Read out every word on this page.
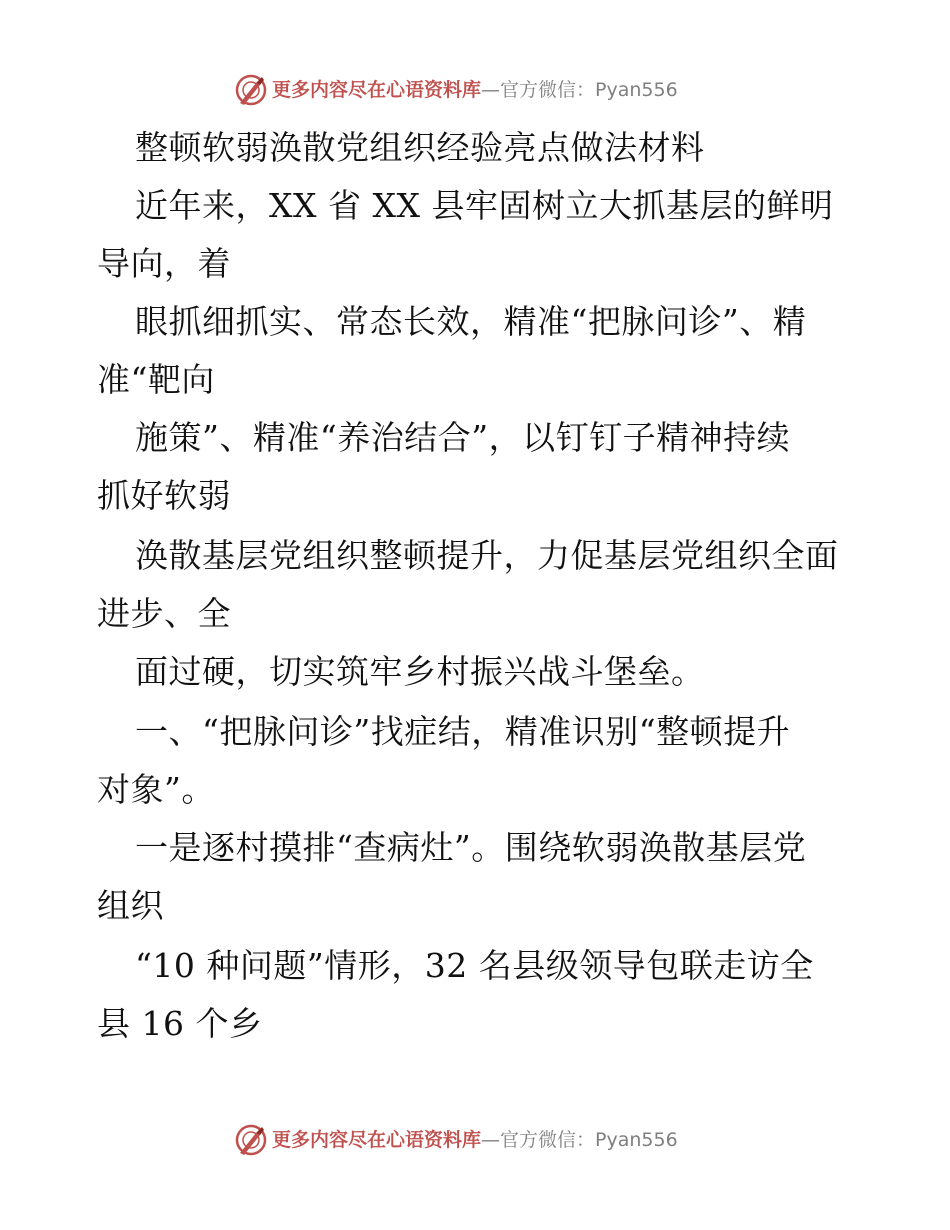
更多内容尽在心语资料库—官方微信：Pyan556
整顿软弱涣散党组织经验亮点做法材料
近年来，XX 省 XX 县牢固树立大抓基层的鲜明
导向，着
眼抓细抓实、常态长效，精准“把脉问诊”、精
准“靶向
施策”、精准“养治结合”，以钉钉子精神持续
抓好软弱
涣散基层党组织整顿提升，力促基层党组织全面
进步、全
面过硬，切实筑牢乡村振兴战斗堡垒。
一、“把脉问诊”找症结，精准识别“整顿提升
对象”。
一是逐村摸排“查病灶”。围绕软弱涣散基层党
组织
“10 种问题”情形，32 名县级领导包联走访全
县 16 个乡
更多内容尽在心语资料库—官方微信：Pyan556
